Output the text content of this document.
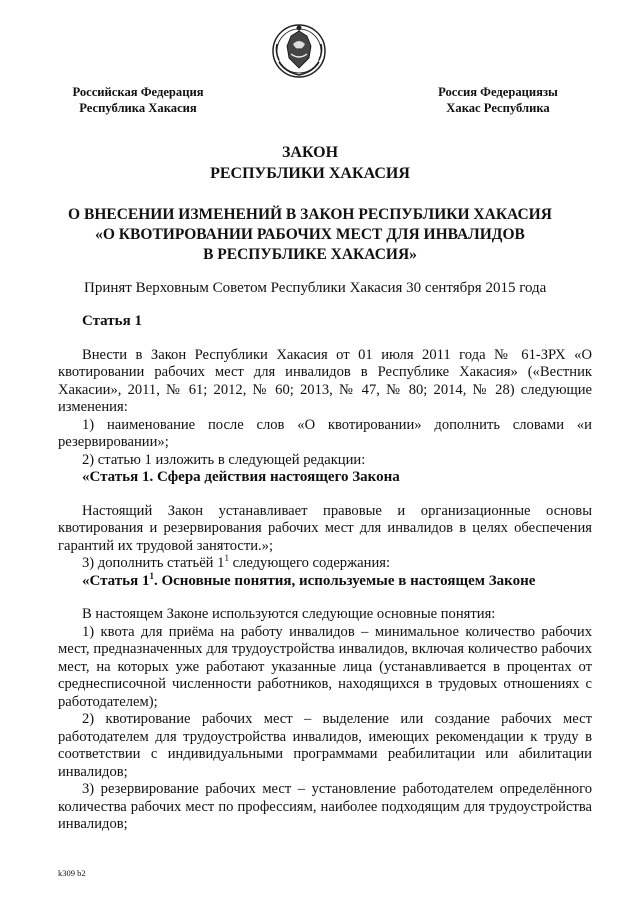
Российская Федерация
Республика Хакасия
Россия Федерациязы
Хакас Республика
ЗАКОН
РЕСПУБЛИКИ ХАКАСИЯ
О ВНЕСЕНИИ ИЗМЕНЕНИЙ В ЗАКОН РЕСПУБЛИКИ ХАКАСИЯ
«О КВОТИРОВАНИИ РАБОЧИХ МЕСТ ДЛЯ ИНВАЛИДОВ
В РЕСПУБЛИКЕ ХАКАСИЯ»
Принят Верховным Советом Республики Хакасия 30 сентября 2015 года

Статья 1

Внести в Закон Республики Хакасия от 01 июля 2011 года № 61-ЗРХ «О квотировании рабочих мест для инвалидов в Республике Хакасия» («Вестник Хакасии», 2011, № 61; 2012, № 60; 2013, № 47, № 80; 2014, № 28) следующие изменения:

1) наименование после слов «О квотировании» дополнить словами «и резервировании»;

2) статью 1 изложить в следующей редакции:

«Статья 1. Сфера действия настоящего Закона

Настоящий Закон устанавливает правовые и организационные основы квотирования и резервирования рабочих мест для инвалидов в целях обеспечения гарантий их трудовой занятости.»;

3) дополнить статьёй $1^1$ следующего содержания:

«Статья $1^1$. Основные понятия, используемые в настоящем Законе

В настоящем Законе используются следующие основные понятия:

1) квота для приёма на работу инвалидов – минимальное количество рабочих мест, предназначенных для трудоустройства инвалидов, включая количество рабочих мест, на которых уже работают указанные лица (устанавливается в процентах от среднесписочной численности работников, находящихся в трудовых отношениях с работодателем);

2) квотирование рабочих мест – выделение или создание рабочих мест работодателем для трудоустройства инвалидов, имеющих рекомендации к труду в соответствии с индивидуальными программами реабилитации или абилитации инвалидов;

3) резервирование рабочих мест – установление работодателем определённого количества рабочих мест по профессиям, наиболее подходящим для трудоустройства инвалидов;

k309 b2
